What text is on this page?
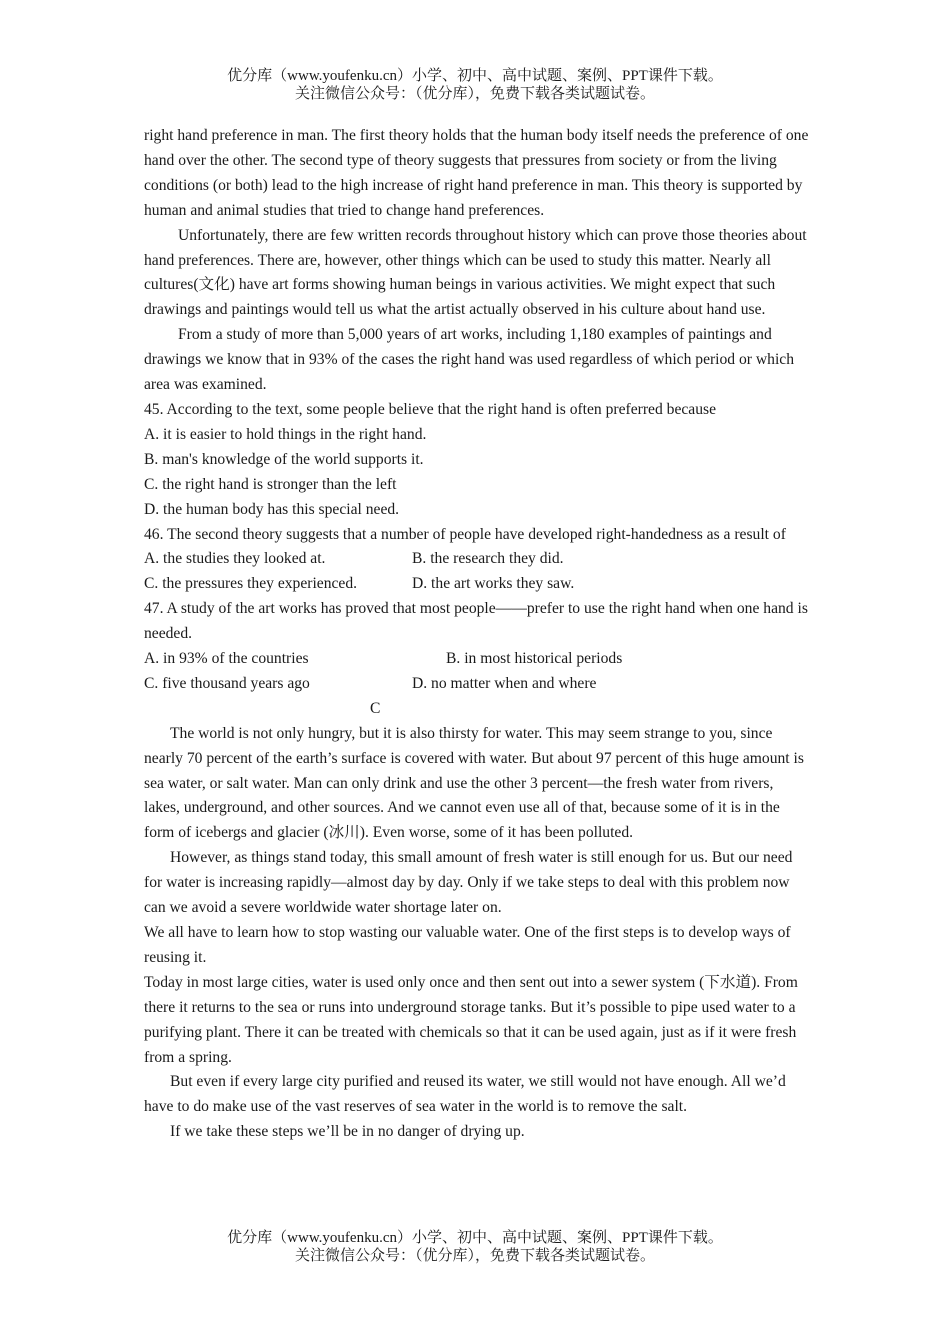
优分库（www.youfenku.cn）小学、初中、高中试题、案例、PPT课件下载。
关注微信公众号：（优分库），免费下载各类试题试卷。

right hand preference in man. The first theory holds that the human body itself needs the preference of one hand over the other. The second type of theory suggests that pressures from society or from the living conditions (or both) lead to the high increase of right hand preference in man. This theory is supported by human and animal studies that tried to change hand preferences.

Unfortunately, there are few written records throughout history which can prove those theories about hand preferences. There are, however, other things which can be used to study this matter. Nearly all cultures(文化) have art forms showing human beings in various activities. We might expect that such drawings and paintings would tell us what the artist actually observed in his culture about hand use.

From a study of more than 5,000 years of art works, including 1,180 examples of paintings and drawings we know that in 93% of the cases the right hand was used regardless of which period or which area was examined.

45. According to the text, some people believe that the right hand is often preferred because

A. it is easier to hold things in the right hand.

B. man's knowledge of the world supports it.

C. the right hand is stronger than the left

D. the human body has this special need.

46. The second theory suggests that a number of people have developed right-handedness as a result of

A. the studies they looked at.	B. the research they did.
C. the pressures they experienced.	D. the art works they saw.

47. A study of the art works has proved that most people——prefer to use the right hand when one hand is needed.

A. in 93% of the countries	B. in most historical periods
C. five thousand years ago	D. no matter when and where

C

The world is not only hungry, but it is also thirsty for water. This may seem strange to you, since nearly 70 percent of the earth’s surface is covered with water. But about 97 percent of this huge amount is sea water, or salt water. Man can only drink and use the other 3 percent—the fresh water from rivers, lakes, underground, and other sources. And we cannot even use all of that, because some of it is in the form of icebergs and glacier (冰川). Even worse, some of it has been polluted.

However, as things stand today, this small amount of fresh water is still enough for us. But our need for water is increasing rapidly—almost day by day. Only if we take steps to deal with this problem now can we avoid a severe worldwide water shortage later on.

We all have to learn how to stop wasting our valuable water. One of the first steps is to develop ways of reusing it.

Today in most large cities, water is used only once and then sent out into a sewer system (下水道). From there it returns to the sea or runs into underground storage tanks. But it’s possible to pipe used water to a purifying plant. There it can be treated with chemicals so that it can be used again, just as if it were fresh from a spring.

But even if every large city purified and reused its water, we still would not have enough. All we’d have to do make use of the vast reserves of sea water in the world is to remove the salt.

If we take these steps we’ll be in no danger of drying up.

优分库（www.youfenku.cn）小学、初中、高中试题、案例、PPT课件下载。
关注微信公众号：（优分库），免费下载各类试题试卷。
